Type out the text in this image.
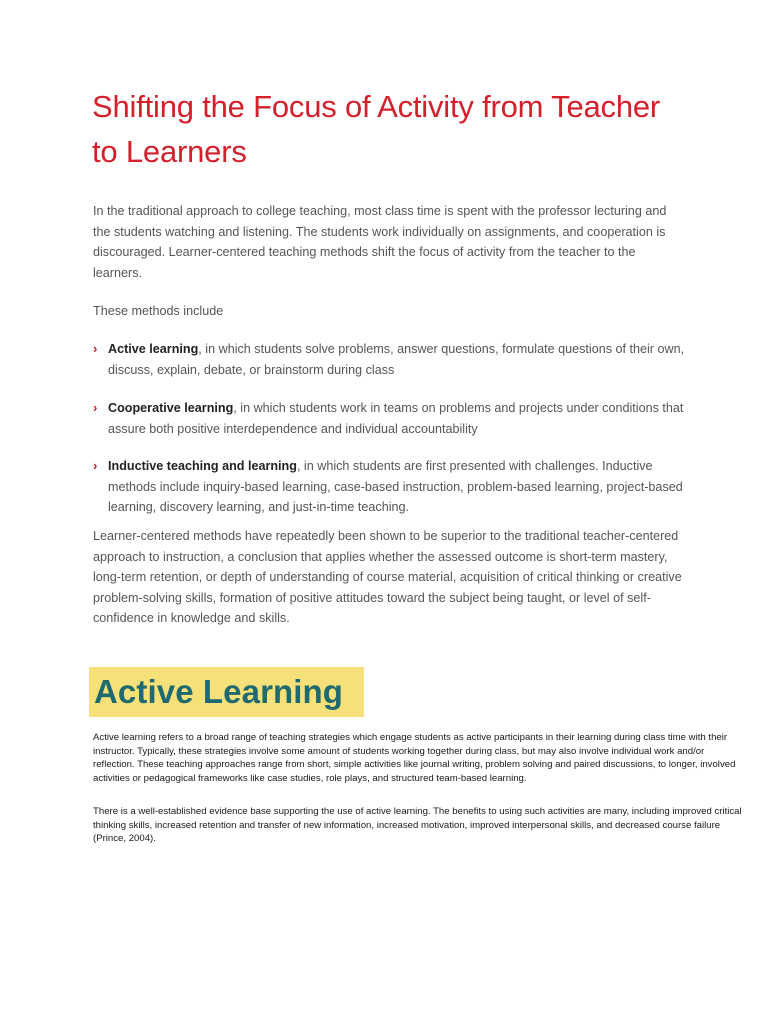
Shifting the Focus of Activity from Teacher to Learners

In the traditional approach to college teaching, most class time is spent with the professor lecturing and the students watching and listening. The students work individually on assignments, and cooperation is discouraged. Learner-centered teaching methods shift the focus of activity from the teacher to the learners.

These methods include

› Active learning, in which students solve problems, answer questions, formulate questions of their own, discuss, explain, debate, or brainstorm during class
› Cooperative learning, in which students work in teams on problems and projects under conditions that assure both positive interdependence and individual accountability
› Inductive teaching and learning, in which students are first presented with challenges. Inductive methods include inquiry-based learning, case-based instruction, problem-based learning, project-based learning, discovery learning, and just-in-time teaching.

Learner-centered methods have repeatedly been shown to be superior to the traditional teacher-centered approach to instruction, a conclusion that applies whether the assessed outcome is short-term mastery, long-term retention, or depth of understanding of course material, acquisition of critical thinking or creative problem-solving skills, formation of positive attitudes toward the subject being taught, or level of self-confidence in knowledge and skills.

Active Learning

Active learning refers to a broad range of teaching strategies which engage students as active participants in their learning during class time with their instructor. Typically, these strategies involve some amount of students working together during class, but may also involve individual work and/or reflection. These teaching approaches range from short, simple activities like journal writing, problem solving and paired discussions, to longer, involved activities or pedagogical frameworks like case studies, role plays, and structured team-based learning.

There is a well-established evidence base supporting the use of active learning. The benefits to using such activities are many, including improved critical thinking skills, increased retention and transfer of new information, increased motivation, improved interpersonal skills, and decreased course failure (Prince, 2004).
